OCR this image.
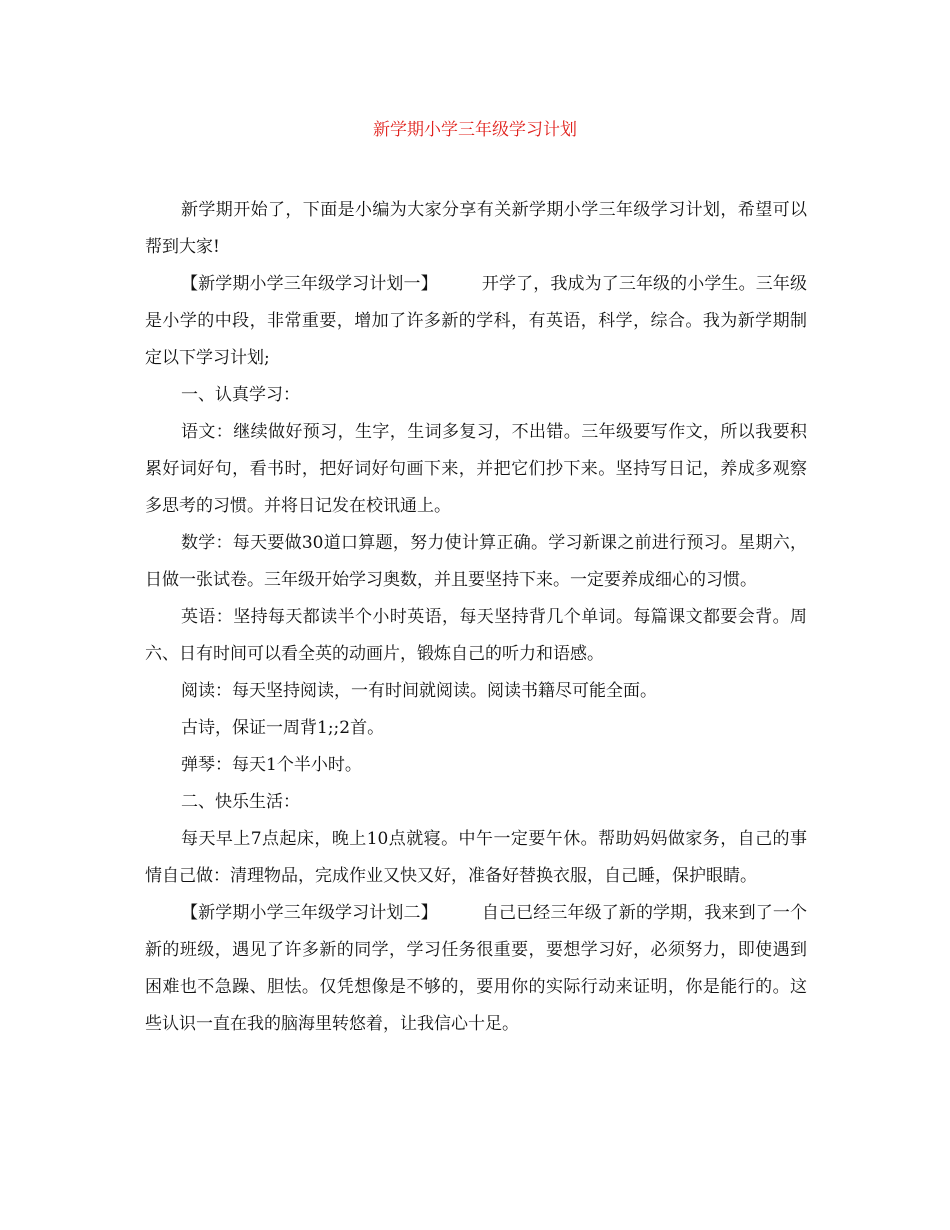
新学期小学三年级学习计划

新学期开始了，下面是小编为大家分享有关新学期小学三年级学习计划，希望可以帮到大家!

【新学期小学三年级学习计划一】	开学了，我成为了三年级的小学生。三年级是小学的中段，非常重要，增加了许多新的学科，有英语，科学，综合。我为新学期制定以下学习计划;

一、认真学习：

语文：继续做好预习，生字，生词多复习，不出错。三年级要写作文，所以我要积累好词好句，看书时，把好词好句画下来，并把它们抄下来。坚持写日记，养成多观察多思考的习惯。并将日记发在校讯通上。

数学：每天要做30道口算题，努力使计算正确。学习新课之前进行预习。星期六，日做一张试卷。三年级开始学习奥数，并且要坚持下来。一定要养成细心的习惯。

英语：坚持每天都读半个小时英语，每天坚持背几个单词。每篇课文都要会背。周六、日有时间可以看全英的动画片，锻炼自己的听力和语感。

阅读：每天坚持阅读，一有时间就阅读。阅读书籍尽可能全面。

古诗，保证一周背1;;2首。

弹琴：每天1个半小时。

二、快乐生活：

每天早上7点起床，晚上10点就寝。中午一定要午休。帮助妈妈做家务，自己的事情自己做：清理物品，完成作业又快又好，准备好替换衣服，自己睡，保护眼睛。

【新学期小学三年级学习计划二】	自己已经三年级了新的学期，我来到了一个新的班级，遇见了许多新的同学，学习任务很重要，要想学习好，必须努力，即使遇到困难也不急躁、胆怯。仅凭想像是不够的，要用你的实际行动来证明，你是能行的。这些认识一直在我的脑海里转悠着，让我信心十足。
